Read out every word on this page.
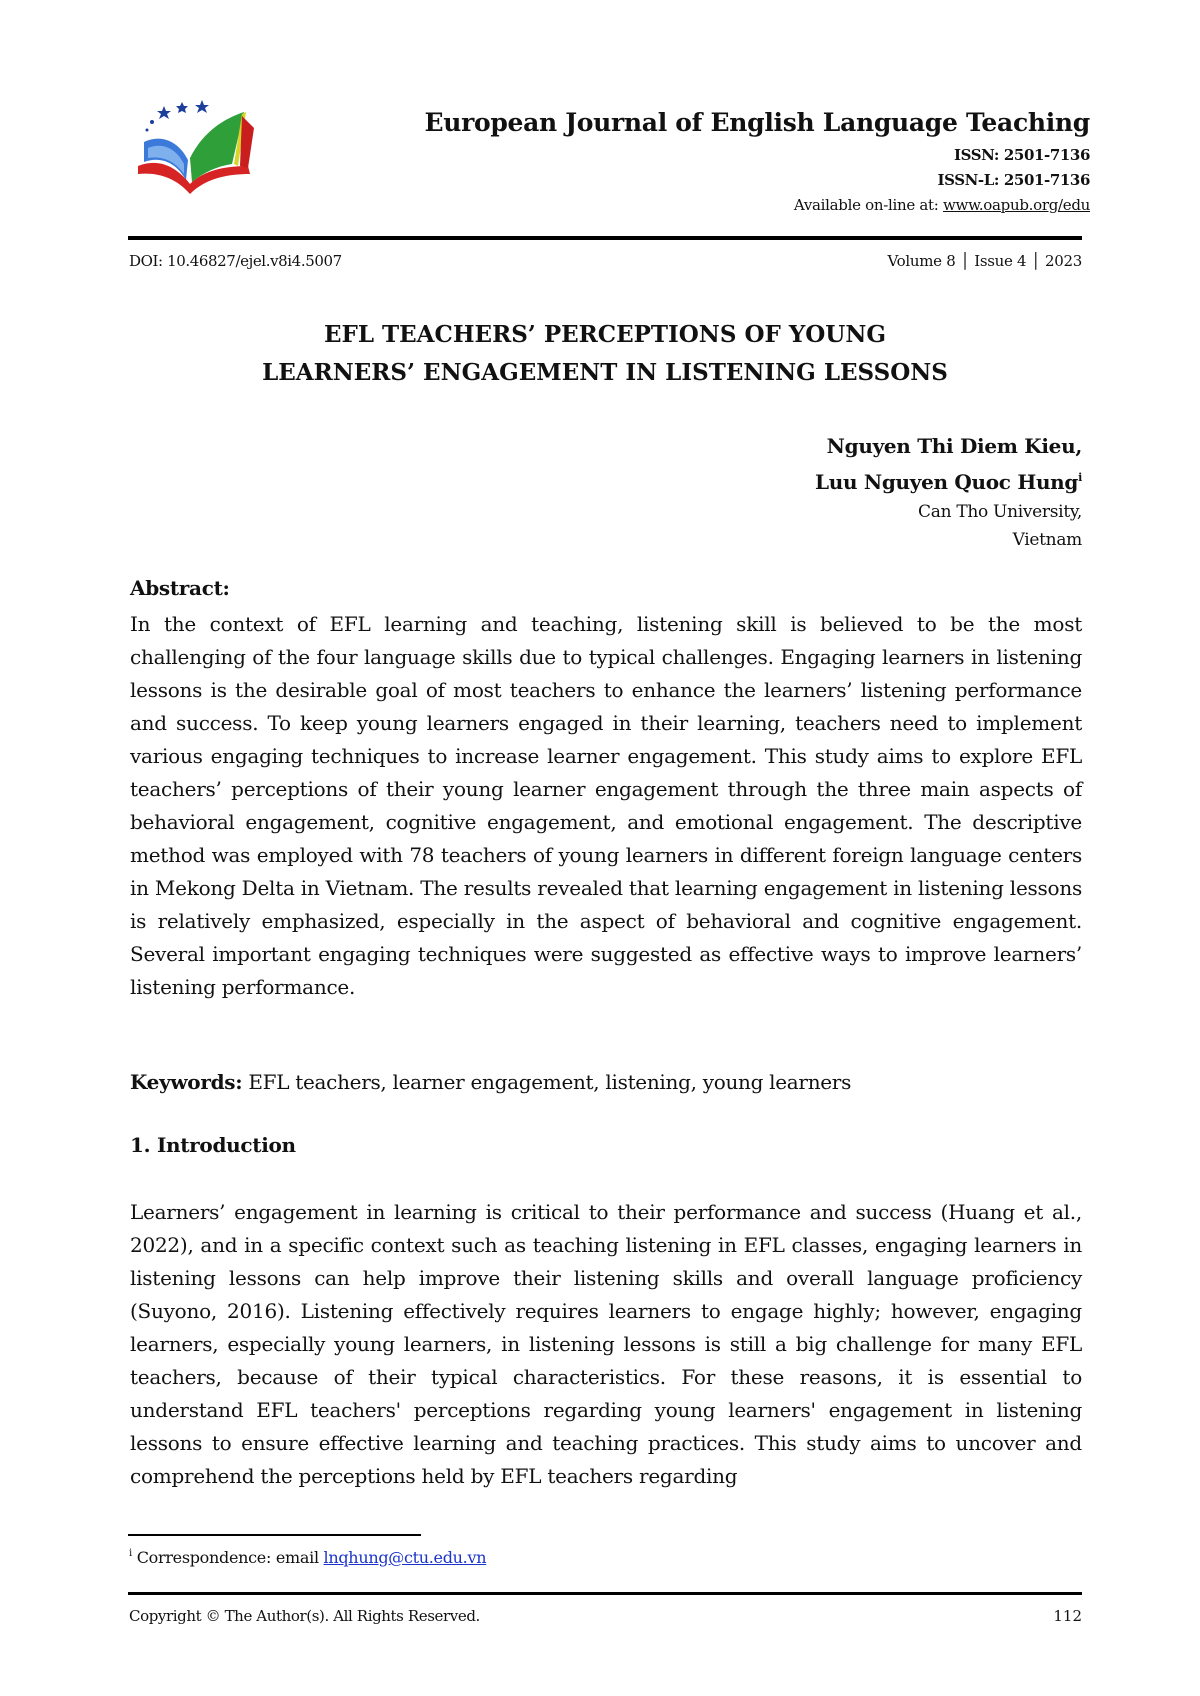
European Journal of English Language Teaching
ISSN: 2501-7136
ISSN-L: 2501-7136
Available on-line at: www.oapub.org/edu
DOI: 10.46827/ejel.v8i4.5007	Volume 8 │ Issue 4 │ 2023
EFL TEACHERS’ PERCEPTIONS OF YOUNG
LEARNERS’ ENGAGEMENT IN LISTENING LESSONS
Nguyen Thi Diem Kieu,
Luu Nguyen Quoc Hung$^i$
Can Tho University,
Vietnam
Abstract:
In the context of EFL learning and teaching, listening skill is believed to be the most challenging of the four language skills due to typical challenges. Engaging learners in listening lessons is the desirable goal of most teachers to enhance the learners’ listening performance and success. To keep young learners engaged in their learning, teachers need to implement various engaging techniques to increase learner engagement. This study aims to explore EFL teachers’ perceptions of their young learner engagement through the three main aspects of behavioral engagement, cognitive engagement, and emotional engagement. The descriptive method was employed with 78 teachers of young learners in different foreign language centers in Mekong Delta in Vietnam. The results revealed that learning engagement in listening lessons is relatively emphasized, especially in the aspect of behavioral and cognitive engagement. Several important engaging techniques were suggested as effective ways to improve learners’ listening performance.
Keywords: EFL teachers, learner engagement, listening, young learners
1. Introduction
Learners’ engagement in learning is critical to their performance and success (Huang et al., 2022), and in a specific context such as teaching listening in EFL classes, engaging learners in listening lessons can help improve their listening skills and overall language proficiency (Suyono, 2016). Listening effectively requires learners to engage highly; however, engaging learners, especially young learners, in listening lessons is still a big challenge for many EFL teachers, because of their typical characteristics. For these reasons, it is essential to understand EFL teachers' perceptions regarding young learners' engagement in listening lessons to ensure effective learning and teaching practices. This study aims to uncover and comprehend the perceptions held by EFL teachers regarding
$^i$ Correspondence: email lnqhung@ctu.edu.vn
Copyright © The Author(s). All Rights Reserved.	112
